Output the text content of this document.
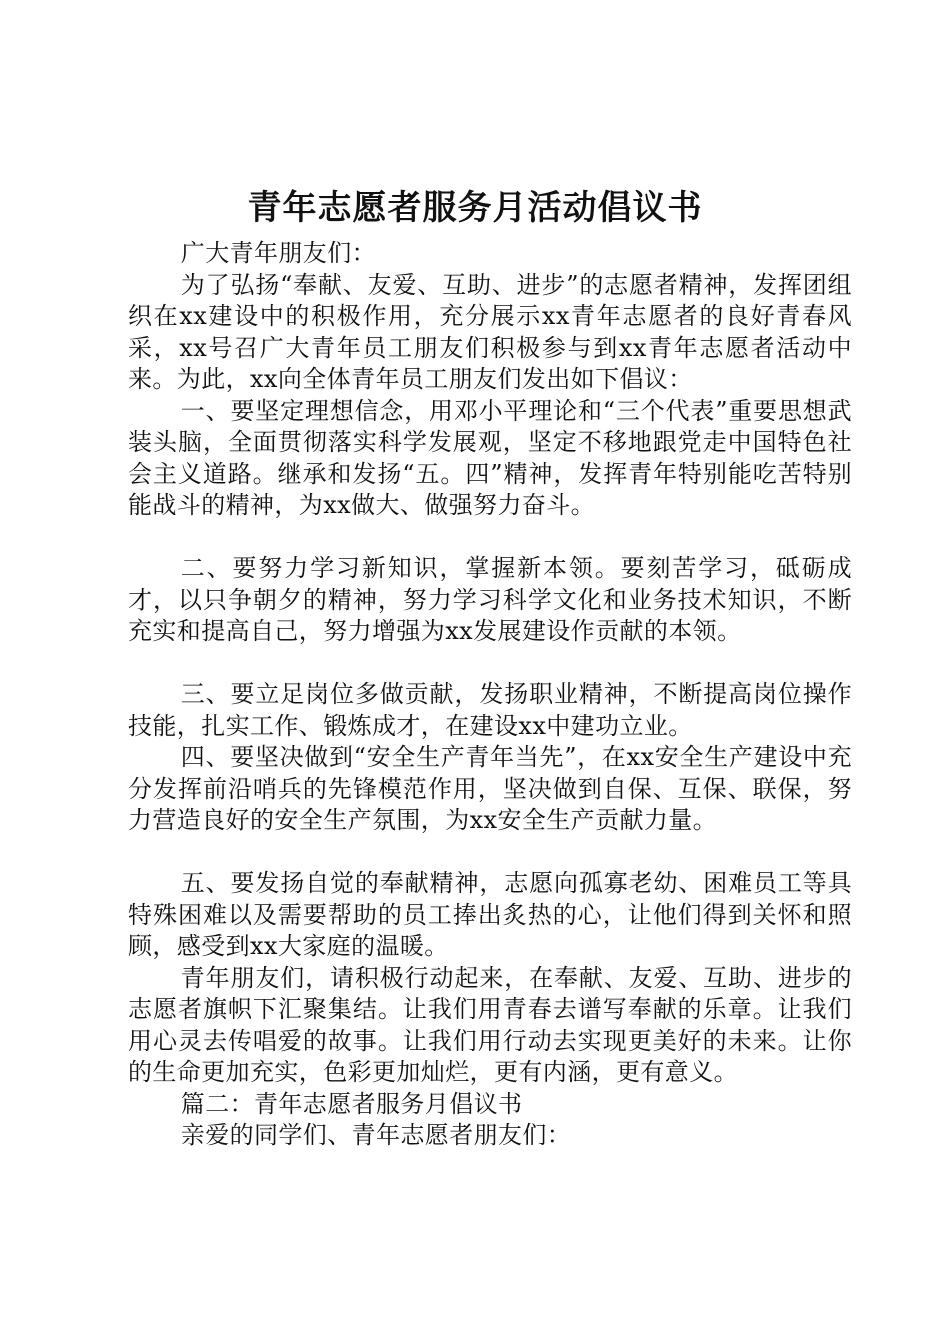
青年志愿者服务月活动倡议书

广大青年朋友们：

为了弘扬“奉献、友爱、互助、进步”的志愿者精神，发挥团组织在xx建设中的积极作用，充分展示xx青年志愿者的良好青春风采，xx号召广大青年员工朋友们积极参与到xx青年志愿者活动中来。为此，xx向全体青年员工朋友们发出如下倡议：

一、要坚定理想信念，用邓小平理论和“三个代表”重要思想武装头脑，全面贯彻落实科学发展观，坚定不移地跟党走中国特色社会主义道路。继承和发扬“五。四”精神，发挥青年特别能吃苦特别能战斗的精神，为xx做大、做强努力奋斗。

二、要努力学习新知识，掌握新本领。要刻苦学习，砥砺成才，以只争朝夕的精神，努力学习科学文化和业务技术知识，不断充实和提高自己，努力增强为xx发展建设作贡献的本领。

三、要立足岗位多做贡献，发扬职业精神，不断提高岗位操作技能，扎实工作、锻炼成才，在建设xx中建功立业。

四、要坚决做到“安全生产青年当先”，在xx安全生产建设中充分发挥前沿哨兵的先锋模范作用，坚决做到自保、互保、联保，努力营造良好的安全生产氛围，为xx安全生产贡献力量。

五、要发扬自觉的奉献精神，志愿向孤寡老幼、困难员工等具特殊困难以及需要帮助的员工捧出炙热的心，让他们得到关怀和照顾，感受到xx大家庭的温暖。

青年朋友们，请积极行动起来，在奉献、友爱、互助、进步的志愿者旗帜下汇聚集结。让我们用青春去谱写奉献的乐章。让我们用心灵去传唱爱的故事。让我们用行动去实现更美好的未来。让你的生命更加充实，色彩更加灿烂，更有内涵，更有意义。

篇二：青年志愿者服务月倡议书

亲爱的同学们、青年志愿者朋友们：
